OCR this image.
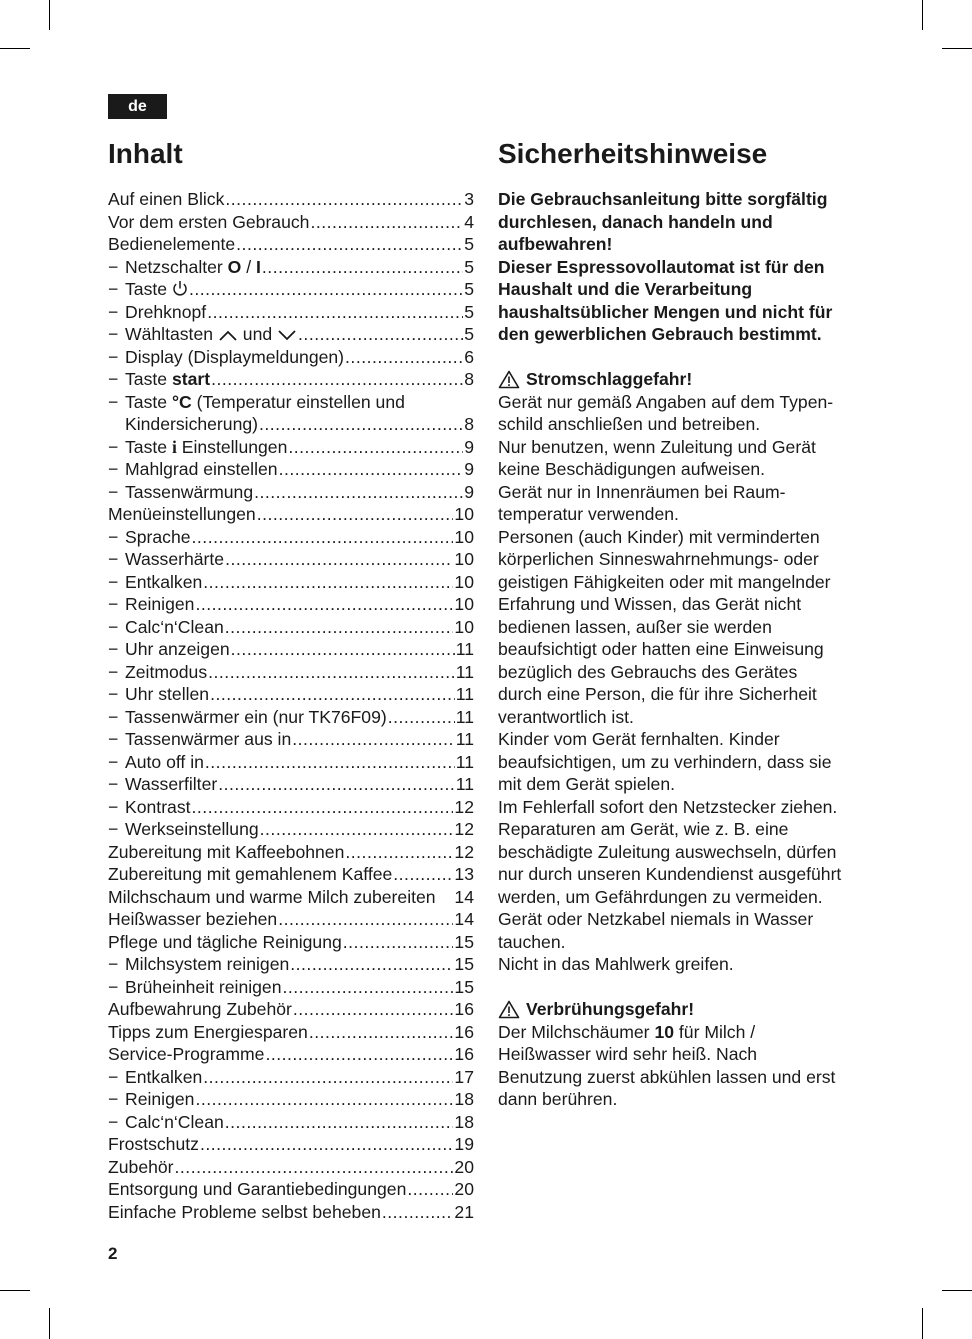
de
Inhalt
Auf einen Blick .....	3
Vor dem ersten Gebrauch .....	4
Bedienelemente .....	5
− Netzschalter O / I .....	5
− Taste .....	5
− Drehknopf .....	5
− Wähltasten und .....	5
− Display (Displaymeldungen) .....	6
− Taste start .....	8
− Taste °C (Temperatur einstellen und
Kindersicherung) .....	8
− Taste i Einstellungen .....	9
− Mahlgrad einstellen .....	9
− Tassenwärmung .....	9
Menüeinstellungen .....	10
− Sprache .....	10
− Wasserhärte .....	10
− Entkalken .....	10
− Reinigen .....	10
− Calc‘n‘Clean .....	10
− Uhr anzeigen .....	11
− Zeitmodus .....	11
− Uhr stellen .....	11
− Tassenwärmer ein (nur TK76F09) .....	11
− Tassenwärmer aus in .....	11
− Auto off in .....	11
− Wasserfilter .....	11
− Kontrast .....	12
− Werkseinstellung .....	12
Zubereitung mit Kaffeebohnen .....	12
Zubereitung mit gemahlenem Kaffee .....	13
Milchschaum und warme Milch zubereiten 14
Heißwasser beziehen .....	14
Pflege und tägliche Reinigung .....	15
− Milchsystem reinigen .....	15
− Brüheinheit reinigen .....	15
Aufbewahrung Zubehör .....	16
Tipps zum Energiesparen .....	16
Service-Programme .....	16
− Entkalken .....	17
− Reinigen .....	18
− Calc‘n‘Clean .....	18
Frostschutz .....	19
Zubehör .....	20
Entsorgung und Garantiebedingungen .....	20
Einfache Probleme selbst beheben .....	21
Sicherheitshinweise

Die Gebrauchsanleitung bitte sorgfältig
durchlesen, danach handeln und
aufbewahren!
Dieser Espressovollautomat ist für den
Haushalt und die Verarbeitung
haushaltsüblicher Mengen und nicht für
den gewerblichen Gebrauch bestimmt.

Stromschlaggefahr!
Gerät nur gemäß Angaben auf dem Typen-
schild anschließen und betreiben.
Nur benutzen, wenn Zuleitung und Gerät
keine Beschädigungen aufweisen.
Gerät nur in Innenräumen bei Raum-
temperatur verwenden.
Personen (auch Kinder) mit verminderten
körperlichen Sinneswahrnehmungs- oder
geistigen Fähigkeiten oder mit mangelnder
Erfahrung und Wissen, das Gerät nicht
bedienen lassen, außer sie werden
beaufsichtigt oder hatten eine Einweisung
bezüglich des Gebrauchs des Gerätes
durch eine Person, die für ihre Sicherheit
verantwortlich ist.
Kinder vom Gerät fernhalten. Kinder
beaufsichtigen, um zu verhindern, dass sie
mit dem Gerät spielen.
Im Fehlerfall sofort den Netzstecker ziehen.
Reparaturen am Gerät, wie z. B. eine
beschädigte Zuleitung auswechseln, dürfen
nur durch unseren Kundendienst ausgeführt
werden, um Gefährdungen zu vermeiden.
Gerät oder Netzkabel niemals in Wasser
tauchen.
Nicht in das Mahlwerk greifen.
Verbrühungsgefahr!
Der Milchschäumer 10 für Milch /
Heißwasser wird sehr heiß. Nach
Benutzung zuerst abkühlen lassen und erst
dann berühren.
2
